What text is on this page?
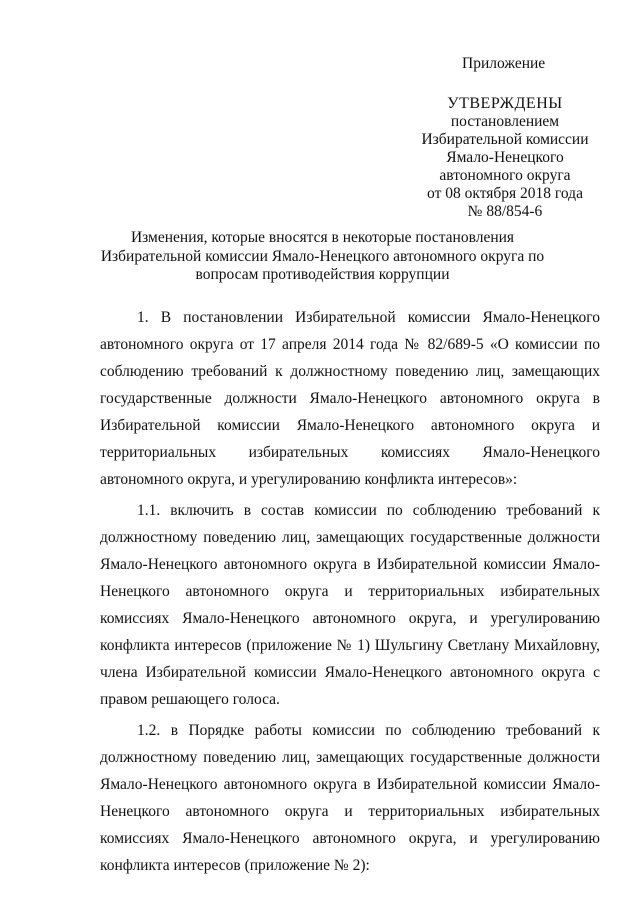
Приложение
УТВЕРЖДЕНЫ
постановлением
Избирательной комиссии
Ямало-Ненецкого
автономного округа
от 08 октября 2018 года
№ 88/854-6
Изменения, которые вносятся в некоторые постановления Избирательной комиссии Ямало-Ненецкого автономного округа по вопросам противодействия коррупции

1. В постановлении Избирательной комиссии Ямало-Ненецкого автономного округа от 17 апреля 2014 года № 82/689-5 «О комиссии по соблюдению требований к должностному поведению лиц, замещающих государственные должности Ямало-Ненецкого автономного округа в Избирательной комиссии Ямало-Ненецкого автономного округа и территориальных избирательных комиссиях Ямало-Ненецкого автономного округа, и урегулированию конфликта интересов»:

1.1. включить в состав комиссии по соблюдению требований к должностному поведению лиц, замещающих государственные должности Ямало-Ненецкого автономного округа в Избирательной комиссии Ямало-Ненецкого автономного округа и территориальных избирательных комиссиях Ямало-Ненецкого автономного округа, и урегулированию конфликта интересов (приложение № 1) Шульгину Светлану Михайловну, члена Избирательной комиссии Ямало-Ненецкого автономного округа с правом решающего голоса.

1.2. в Порядке работы комиссии по соблюдению требований к должностному поведению лиц, замещающих государственные должности Ямало-Ненецкого автономного округа в Избирательной комиссии Ямало-Ненецкого автономного округа и территориальных избирательных комиссиях Ямало-Ненецкого автономного округа, и урегулированию конфликта интересов (приложение № 2):
